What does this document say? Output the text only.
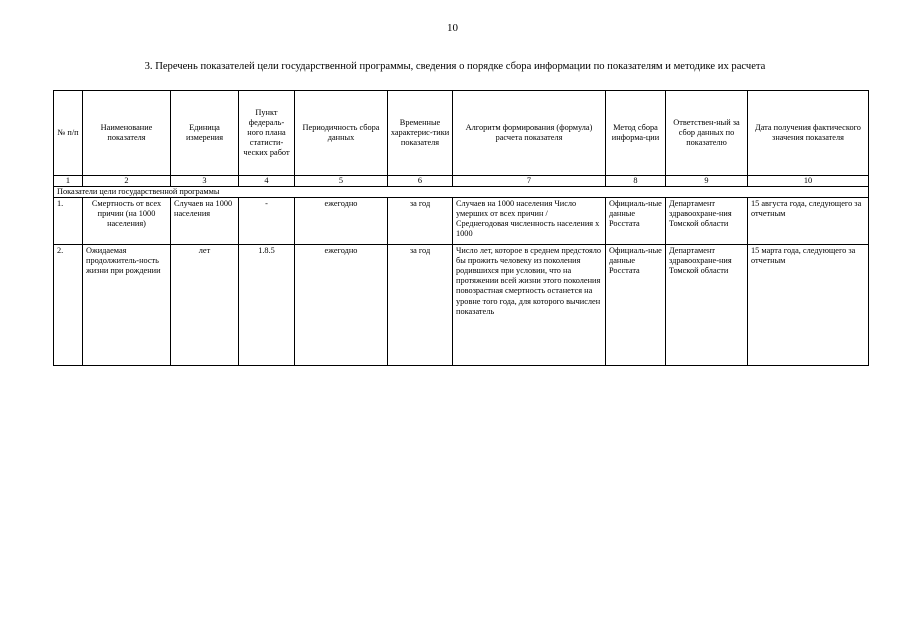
10
3. Перечень показателей цели государственной программы, сведения о порядке сбора информации по показателям и методике их расчета
№ п/п	Наименование показателя	Единица измерения	Пункт федераль-ного плана статисти-ческих работ	Периодичность сбора данных	Временные характерис-тики показателя	Алгоритм формирования (формула) расчета показателя	Метод сбора информа-ции	Ответствен-ный за сбор данных по показателю	Дата получения фактического значения показателя
1	2	3	4	5	6	7	8	9	10
Показатели цели государственной программы									
1.	Смертность от всех причин (на 1000 населения)	Случаев на 1000 населения	-	ежегодно	за год	Случаев на 1000 населения Число умерших от всех причин / Среднегодовая численность населения х 1000	Официаль-ные данные Росстата	Департамент здравоохране-ния Томской области	15 августа года, следующего за отчетным
2.	Ожидаемая продолжитель-ность жизни при рождении	лет	1.8.5	ежегодно	за год	Число лет, которое в среднем предстояло бы прожить человеку из поколения родившихся при условии, что на протяжении всей жизни этого поколения повозрастная смертность останется на уровне того года, для которого вычислен показатель	Официаль-ные данные Росстата	Департамент здравоохране-ния Томской области	15 марта года, следующего за отчетным
